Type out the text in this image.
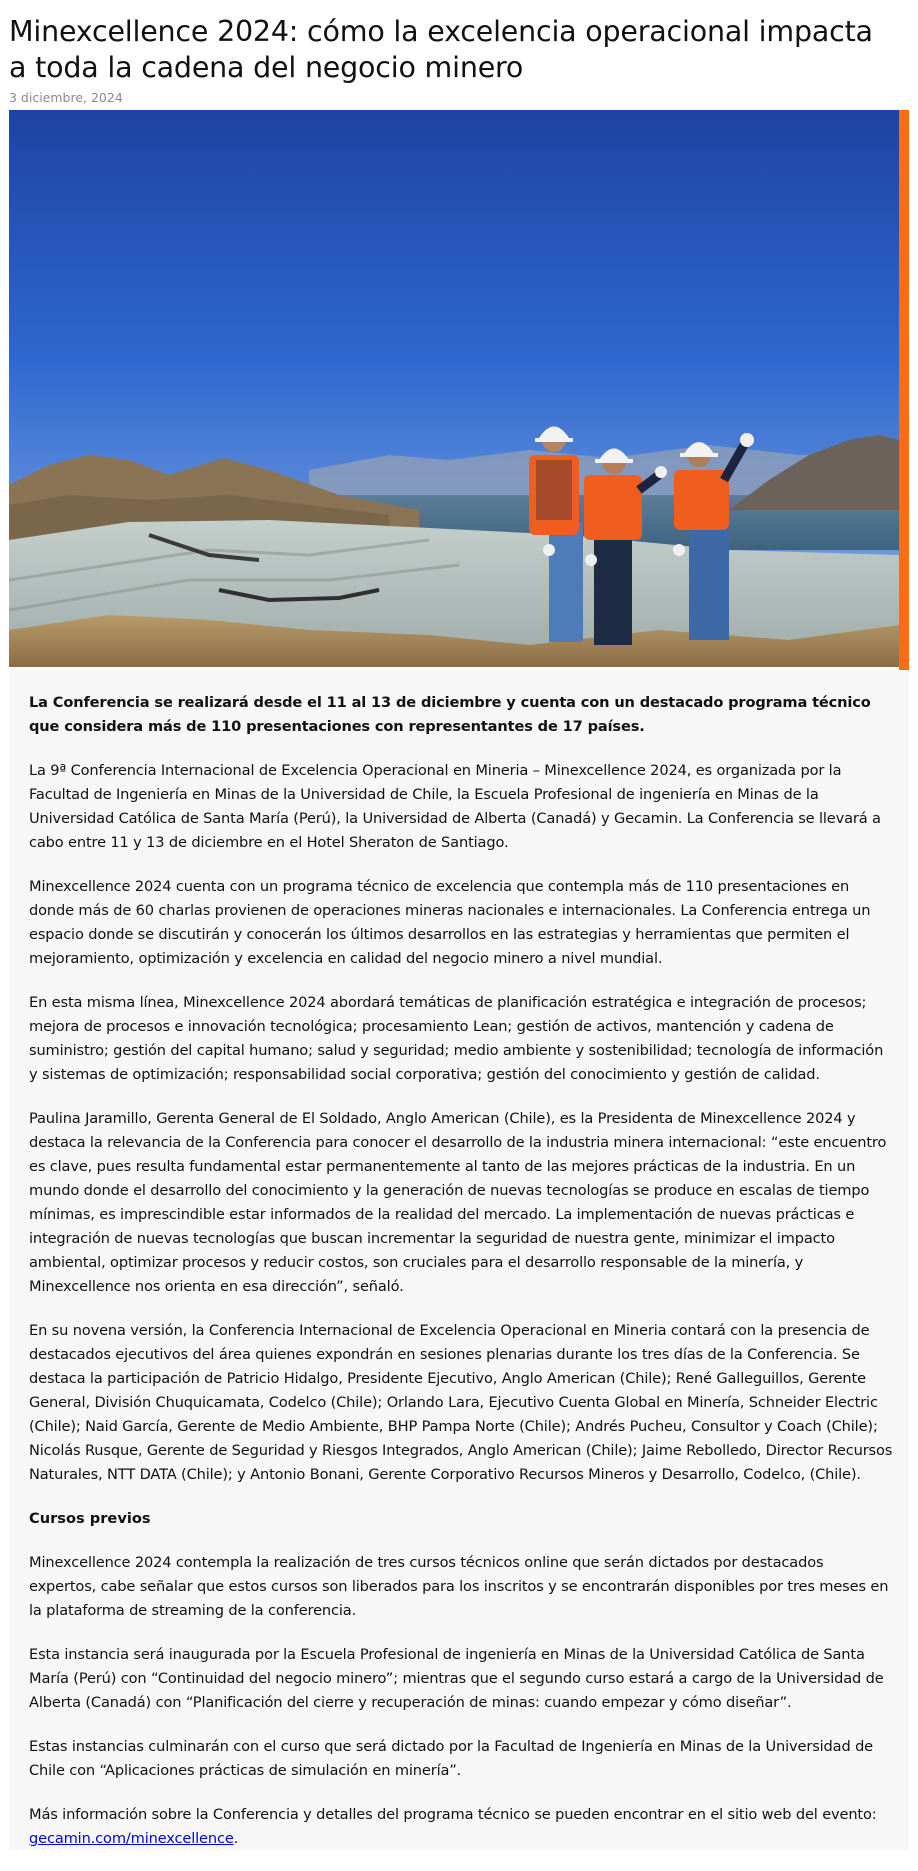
Minexcellence 2024: cómo la excelencia operacional impacta a toda la cadena del negocio minero
3 diciembre, 2024

La Conferencia se realizará desde el 11 al 13 de diciembre y cuenta con un destacado programa técnico que considera más de 110 presentaciones con representantes de 17 países.

La 9ª Conferencia Internacional de Excelencia Operacional en Mineria – Minexcellence 2024, es organizada por la Facultad de Ingeniería en Minas de la Universidad de Chile, la Escuela Profesional de ingeniería en Minas de la Universidad Católica de Santa María (Perú), la Universidad de Alberta (Canadá) y Gecamin. La Conferencia se llevará a cabo entre 11 y 13 de diciembre en el Hotel Sheraton de Santiago.

Minexcellence 2024 cuenta con un programa técnico de excelencia que contempla más de 110 presentaciones en donde más de 60 charlas provienen de operaciones mineras nacionales e internacionales. La Conferencia entrega un espacio donde se discutirán y conocerán los últimos desarrollos en las estrategias y herramientas que permiten el mejoramiento, optimización y excelencia en calidad del negocio minero a nivel mundial.

En esta misma línea, Minexcellence 2024 abordará temáticas de planificación estratégica e integración de procesos; mejora de procesos e innovación tecnológica; procesamiento Lean; gestión de activos, mantención y cadena de suministro; gestión del capital humano; salud y seguridad; medio ambiente y sostenibilidad; tecnología de información y sistemas de optimización; responsabilidad social corporativa; gestión del conocimiento y gestión de calidad.

Paulina Jaramillo, Gerenta General de El Soldado, Anglo American (Chile), es la Presidenta de Minexcellence 2024 y destaca la relevancia de la Conferencia para conocer el desarrollo de la industria minera internacional: “este encuentro es clave, pues resulta fundamental estar permanentemente al tanto de las mejores prácticas de la industria. En un mundo donde el desarrollo del conocimiento y la generación de nuevas tecnologías se produce en escalas de tiempo mínimas, es imprescindible estar informados de la realidad del mercado. La implementación de nuevas prácticas e integración de nuevas tecnologías que buscan incrementar la seguridad de nuestra gente, minimizar el impacto ambiental, optimizar procesos y reducir costos, son cruciales para el desarrollo responsable de la minería, y Minexcellence nos orienta en esa dirección”, señaló.

En su novena versión, la Conferencia Internacional de Excelencia Operacional en Mineria contará con la presencia de destacados ejecutivos del área quienes expondrán en sesiones plenarias durante los tres días de la Conferencia. Se destaca la participación de Patricio Hidalgo, Presidente Ejecutivo, Anglo American (Chile); René Galleguillos, Gerente General, División Chuquicamata, Codelco (Chile); Orlando Lara, Ejecutivo Cuenta Global en Minería, Schneider Electric (Chile); Naid García, Gerente de Medio Ambiente, BHP Pampa Norte (Chile); Andrés Pucheu, Consultor y Coach (Chile); Nicolás Rusque, Gerente de Seguridad y Riesgos Integrados, Anglo American (Chile); Jaime Rebolledo, Director Recursos Naturales, NTT DATA (Chile); y Antonio Bonani, Gerente Corporativo Recursos Mineros y Desarrollo, Codelco, (Chile).

Cursos previos

Minexcellence 2024 contempla la realización de tres cursos técnicos online que serán dictados por destacados expertos, cabe señalar que estos cursos son liberados para los inscritos y se encontrarán disponibles por tres meses en la plataforma de streaming de la conferencia.

Esta instancia será inaugurada por la Escuela Profesional de ingeniería en Minas de la Universidad Católica de Santa María (Perú) con “Continuidad del negocio minero”; mientras que el segundo curso estará a cargo de la Universidad de Alberta (Canadá) con “Planificación del cierre y recuperación de minas: cuando empezar y cómo diseñar”.

Estas instancias culminarán con el curso que será dictado por la Facultad de Ingeniería en Minas de la Universidad de Chile con “Aplicaciones prácticas de simulación en minería”.

Más información sobre la Conferencia y detalles del programa técnico se pueden encontrar en el sitio web del evento: gecamin.com/minexcellence.
